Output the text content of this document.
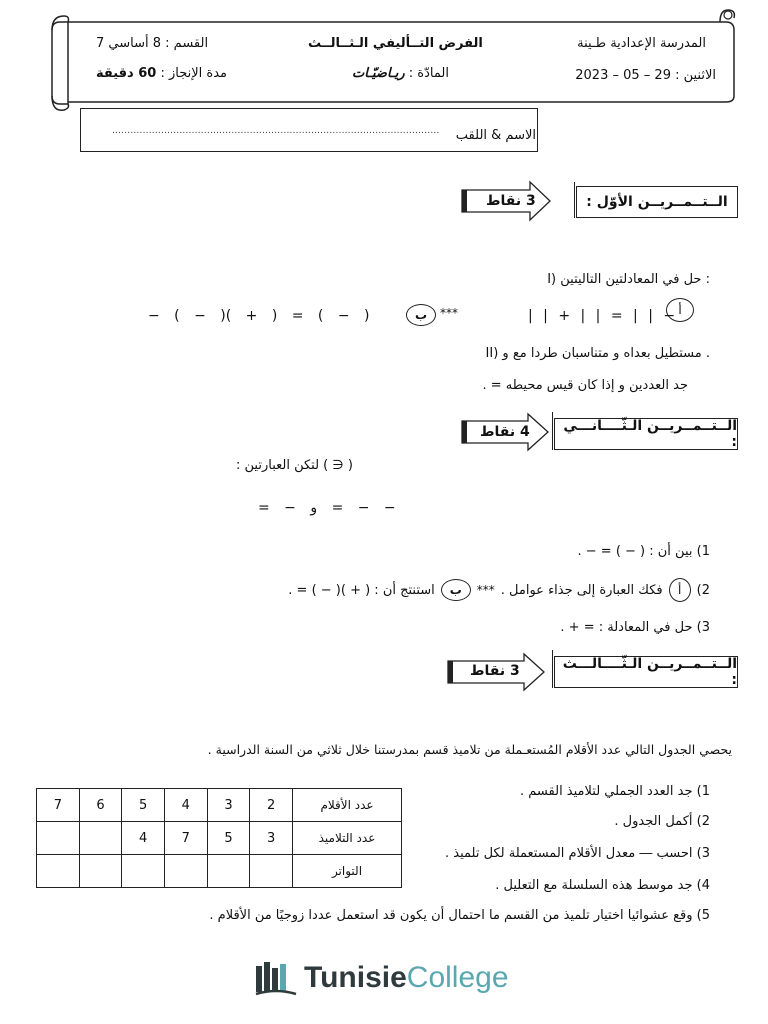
المدرسة الإعدادية طـينة
الفرض التــأليفي الـثــالــث
القسم : 8 أساسي 7
الاثنين : 29 – 05 – 2023
المادّة : ريـاضيّـات
مدة الإنجاز : 60 دقيقة
الاسم & اللقب
...........................................................................................................
الــتــمــريــن الأوّل :
3 نقاط
I) حل في المعادلتين التاليتين :
أ
| | + | | = | | −
***
ب
( − ) = ( + )( − ) −
II) مستطيل بعداه و متناسبان طردا مع و .
جد العددين و إذا كان قيس محيطه = .
الــتــمــريــن الـثّــــانـــي :
4 نقاط
( ∈ ) لتكن العبارتين :
− − = و − =
1) بين أن : ( − ) = − .
2)
أ
فكك العبارة إلى جذاء عوامل .
***
ب
استنتج أن : ( + )( − ) = .
3) حل في المعادلة : = + .
الــتــمــريــن الـثّــــالـــث :
3 نقاط
يحصي الجدول التالي عدد الأقلام المُستعـملة من تلاميذ قسم بمدرستنا خلال ثلاثي من السنة الدراسية .
7	6	5	4	3	2	عدد الأقلام
		4	7	5	3	عدد التلاميذ
						التواتر
1) جد العدد الجملي لتلاميذ القسم .
2) أكمل الجدول .
3) احسب ― معدل الأقلام المستعملة لكل تلميذ .
4) جد موسط هذه السلسلة مع التعليل .
5) وقع عشوائيا اختيار تلميذ من القسم ما احتمال أن يكون قد استعمل عددا زوجيًا من الأقلام .
Tunisie College
